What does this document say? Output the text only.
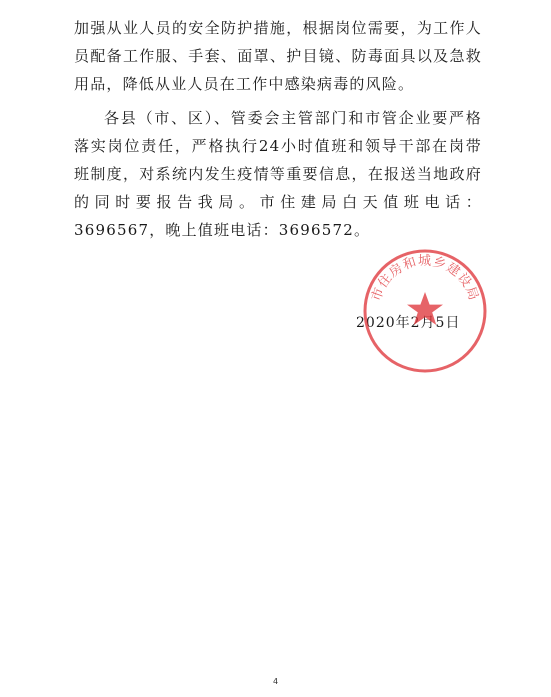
加强从业人员的安全防护措施，根据岗位需要，为工作人员配备工作服、手套、面罩、护目镜、防毒面具以及急救用品，降低从业人员在工作中感染病毒的风险。

各县（市、区）、管委会主管部门和市管企业要严格落实岗位责任，严格执行24小时值班和领导干部在岗带班制度，对系统内发生疫情等重要信息，在报送当地政府的同时要报告我局。市住建局白天值班电话：3696567，晚上值班电话：3696572。

2020年2月5日
市住房和城乡建设局
4
